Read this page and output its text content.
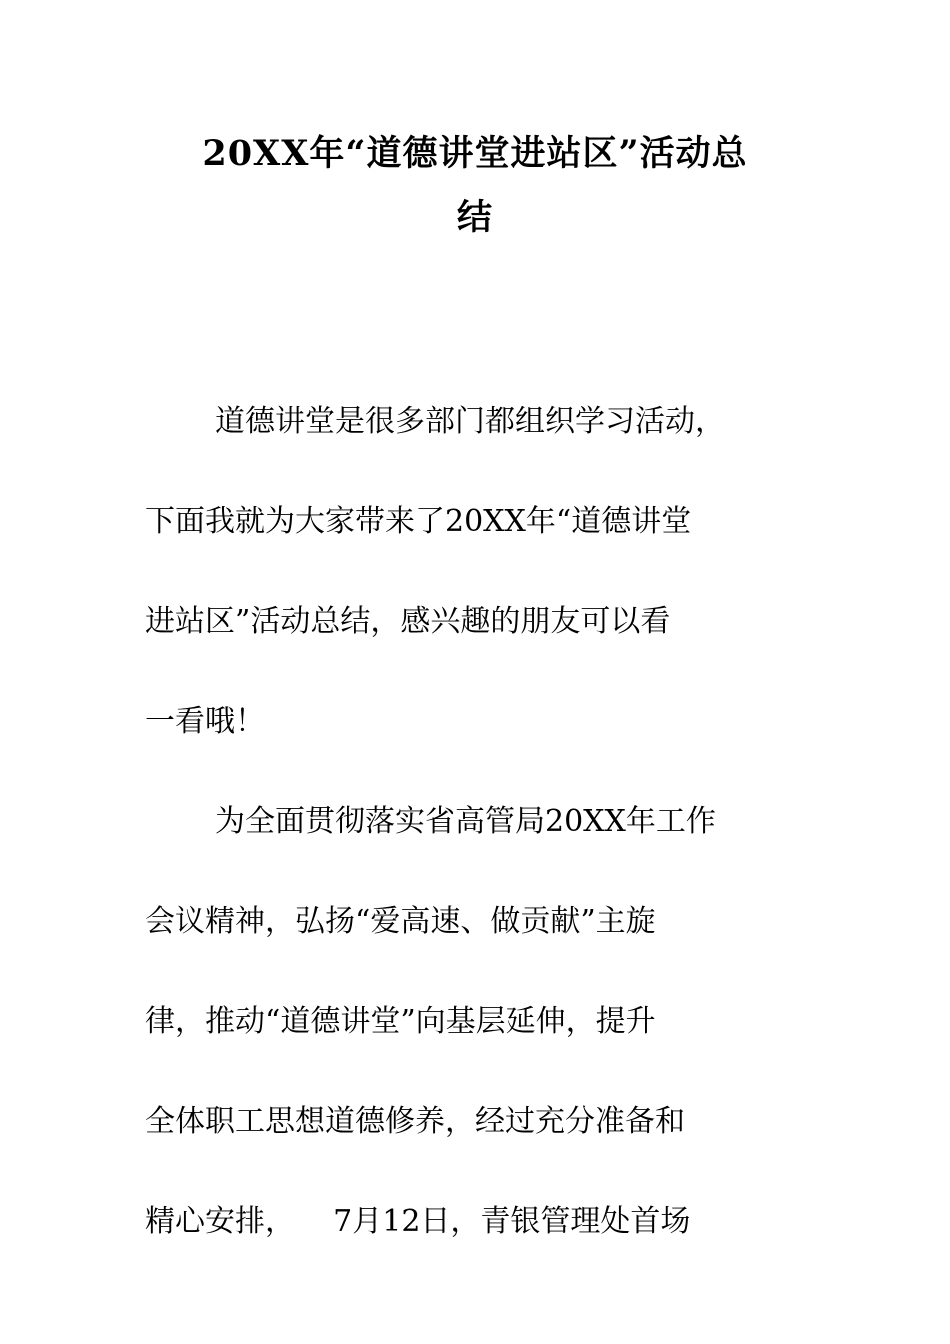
20XX年“道德讲堂进站区”活动总
结
道德讲堂是很多部门都组织学习活动，
下面我就为大家带来了20XX年“道德讲堂
进站区”活动总结，感兴趣的朋友可以看
一看哦！
为全面贯彻落实省高管局20XX年工作
会议精神，弘扬“爱高速、做贡献”主旋
律，推动“道德讲堂”向基层延伸，提升
全体职工思想道德修养，经过充分准备和
精心安排，    7月12日，青银管理处首场
